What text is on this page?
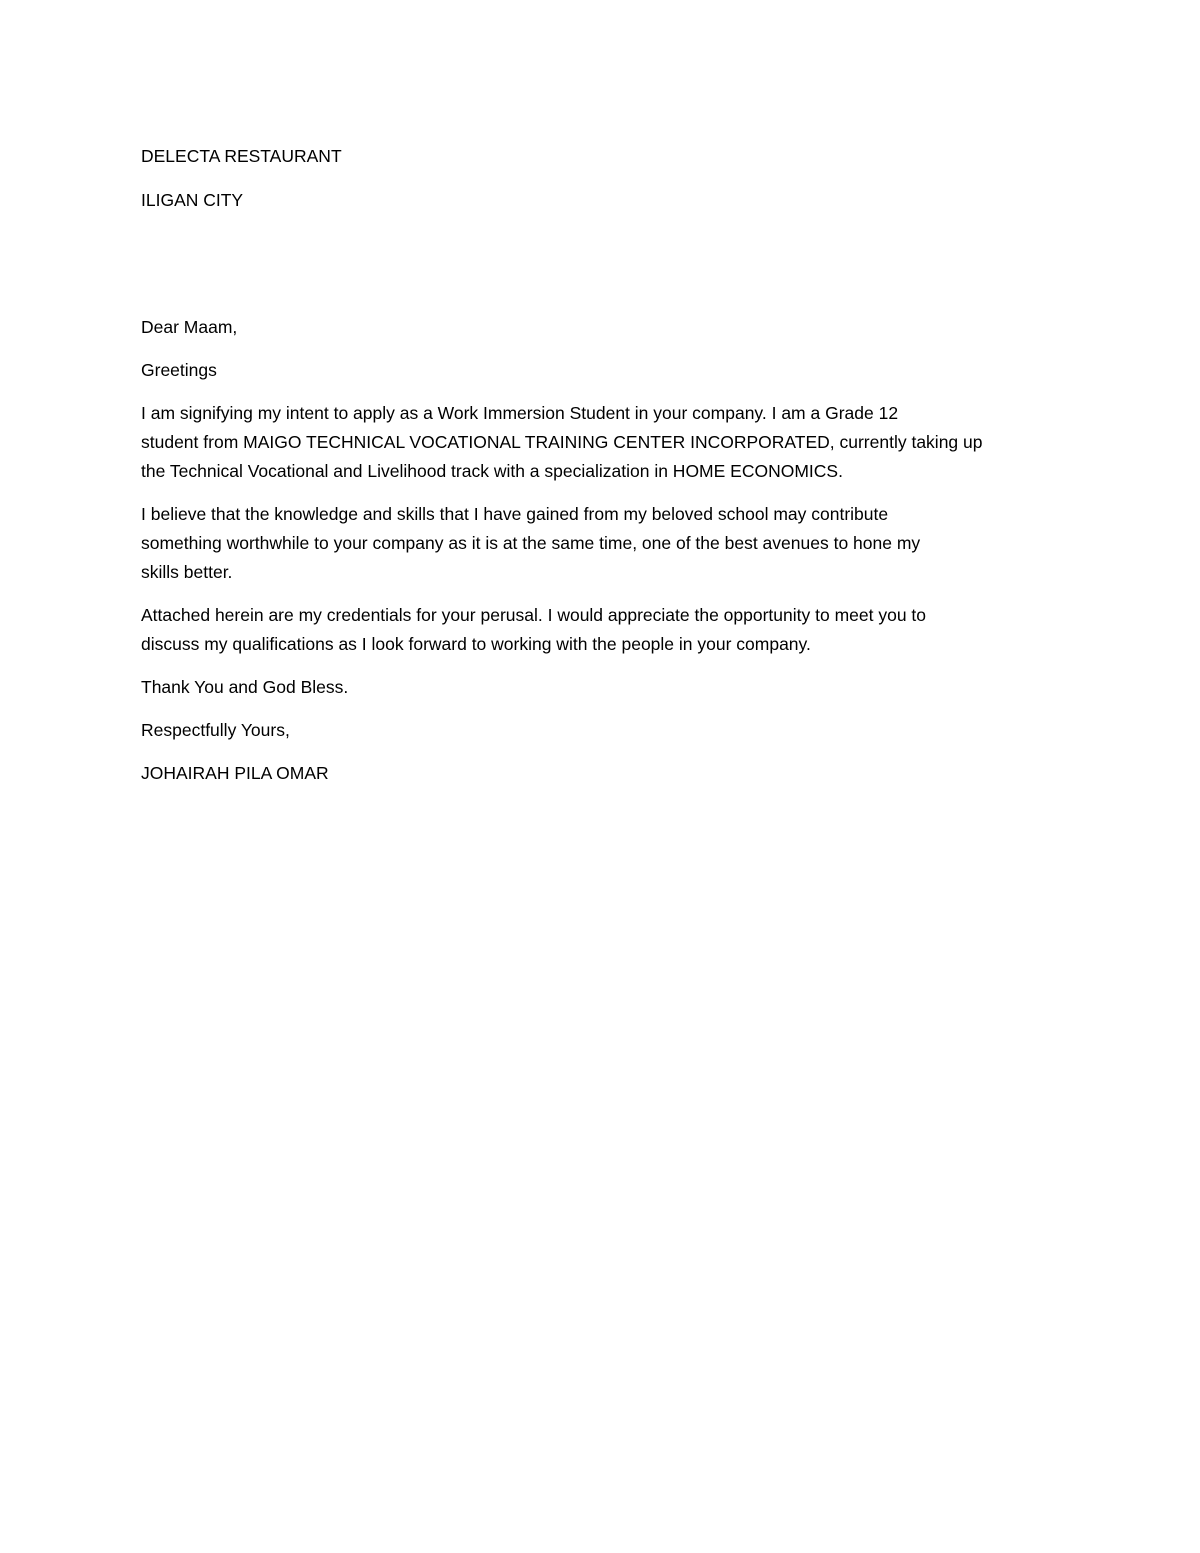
DELECTA RESTAURANT
ILIGAN CITY
Dear Maam,
Greetings
I am signifying my intent to apply as a Work Immersion Student in your company. I am a Grade 12
student from MAIGO TECHNICAL VOCATIONAL TRAINING CENTER INCORPORATED, currently taking up
the Technical Vocational and Livelihood track with a specialization in HOME ECONOMICS.
I believe that the knowledge and skills that I have gained from my beloved school may contribute
something worthwhile to your company as it is at the same time, one of the best avenues to hone my
skills better.
Attached herein are my credentials for your perusal. I would appreciate the opportunity to meet you to
discuss my qualifications as I look forward to working with the people in your company.
Thank You and God Bless.
Respectfully Yours,
JOHAIRAH PILA OMAR
